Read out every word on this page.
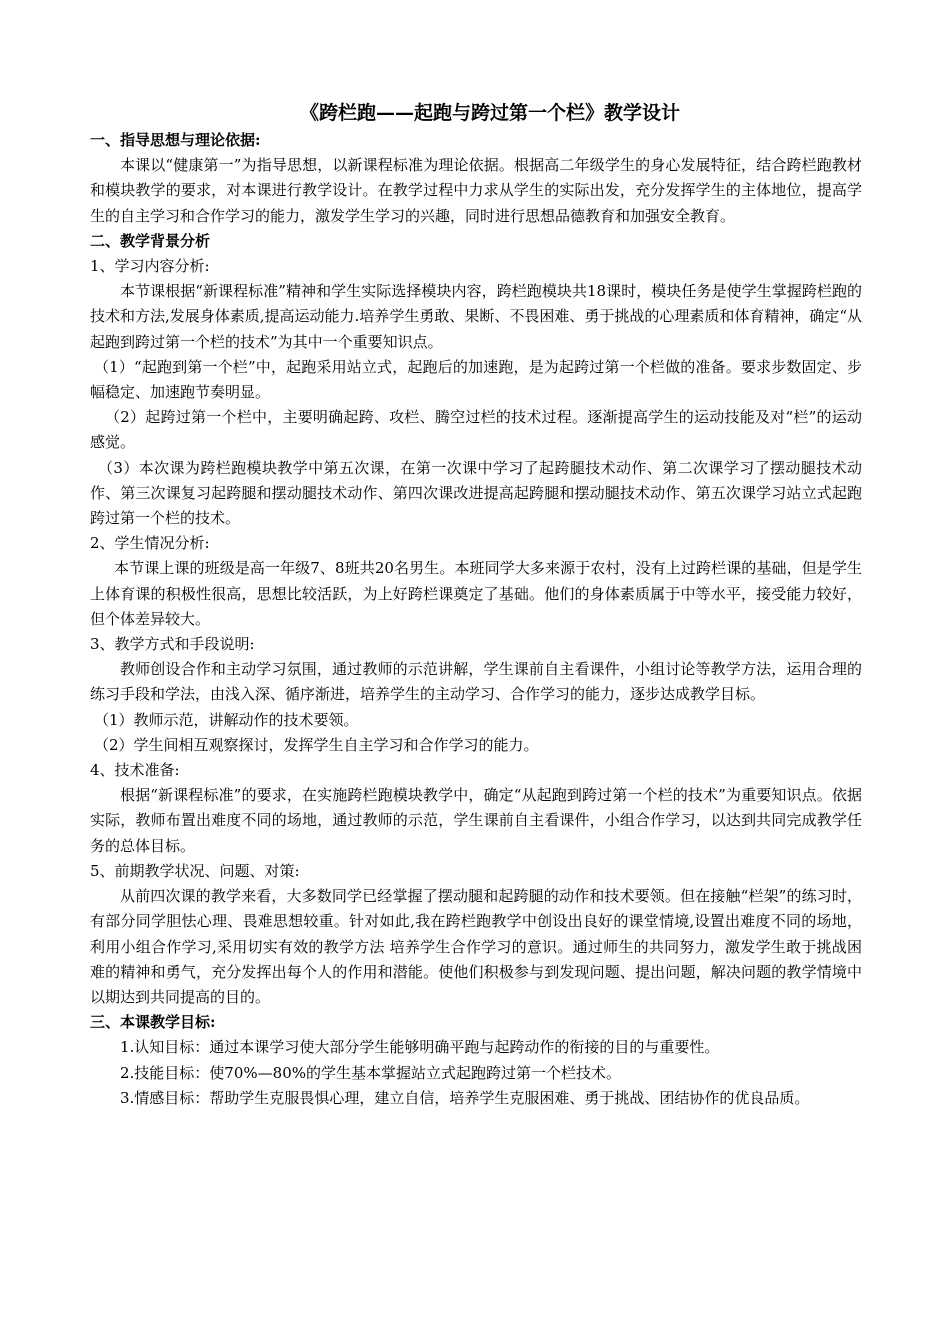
《跨栏跑——起跑与跨过第一个栏》教学设计
一、指导思想与理论依据:

本课以“健康第一”为指导思想，以新课程标准为理论依据。根据高二年级学生的身心发展特征，结合跨栏跑教材和模块教学的要求，对本课进行教学设计。在教学过程中力求从学生的实际出发，充分发挥学生的主体地位，提高学生的自主学习和合作学习的能力，激发学生学习的兴趣，同时进行思想品德教育和加强安全教育。

二、教学背景分析
1、学习内容分析:

本节课根据“新课程标准”精神和学生实际选择模块内容，跨栏跑模块共18课时，模块任务是使学生掌握跨栏跑的技术和方法,发展身体素质,提高运动能力.培养学生勇敢、果断、不畏困难、勇于挑战的心理素质和体育精神，确定“从起跑到跨过第一个栏的技术”为其中一个重要知识点。

（1）“起跑到第一个栏”中，起跑采用站立式，起跑后的加速跑，是为起跨过第一个栏做的准备。要求步数固定、步幅稳定、加速跑节奏明显。

（2）起跨过第一个栏中，主要明确起跨、攻栏、腾空过栏的技术过程。逐渐提高学生的运动技能及对“栏”的运动感觉。

（3）本次课为跨栏跑模块教学中第五次课，在第一次课中学习了起跨腿技术动作、第二次课学习了摆动腿技术动作、第三次课复习起跨腿和摆动腿技术动作、第四次课改进提高起跨腿和摆动腿技术动作、第五次课学习站立式起跑跨过第一个栏的技术。

2、学生情况分析:

本节课上课的班级是高一年级7、8班共20名男生。本班同学大多来源于农村，没有上过跨栏课的基础，但是学生上体育课的积极性很高，思想比较活跃，为上好跨栏课奠定了基础。他们的身体素质属于中等水平，接受能力较好，但个体差异较大。

3、教学方式和手段说明:

教师创设合作和主动学习氛围，通过教师的示范讲解，学生课前自主看课件，小组讨论等教学方法，运用合理的练习手段和学法，由浅入深、循序渐进，培养学生的主动学习、合作学习的能力，逐步达成教学目标。

（1）教师示范，讲解动作的技术要领。

（2）学生间相互观察探讨，发挥学生自主学习和合作学习的能力。

4、技术准备:

根据“新课程标准”的要求，在实施跨栏跑模块教学中，确定“从起跑到跨过第一个栏的技术”为重要知识点。依据实际，教师布置出难度不同的场地，通过教师的示范，学生课前自主看课件，小组合作学习，以达到共同完成教学任务的总体目标。

5、前期教学状况、问题、对策:

从前四次课的教学来看，大多数同学已经掌握了摆动腿和起跨腿的动作和技术要领。但在接触“栏架”的练习时，有部分同学胆怯心理、畏难思想较重。针对如此,我在跨栏跑教学中创设出良好的课堂情境,设置出难度不同的场地，利用小组合作学习,采用切实有效的教学方法 培养学生合作学习的意识。通过师生的共同努力，激发学生敢于挑战困难的精神和勇气，充分发挥出每个人的作用和潜能。使他们积极参与到发现问题、提出问题，解决问题的教学情境中以期达到共同提高的目的。

三、本课教学目标:

1.认知目标：通过本课学习使大部分学生能够明确平跑与起跨动作的衔接的目的与重要性。

2.技能目标：使70%—80%的学生基本掌握站立式起跑跨过第一个栏技术。

3.情感目标：帮助学生克服畏惧心理，建立自信，培养学生克服困难、勇于挑战、团结协作的优良品质。
